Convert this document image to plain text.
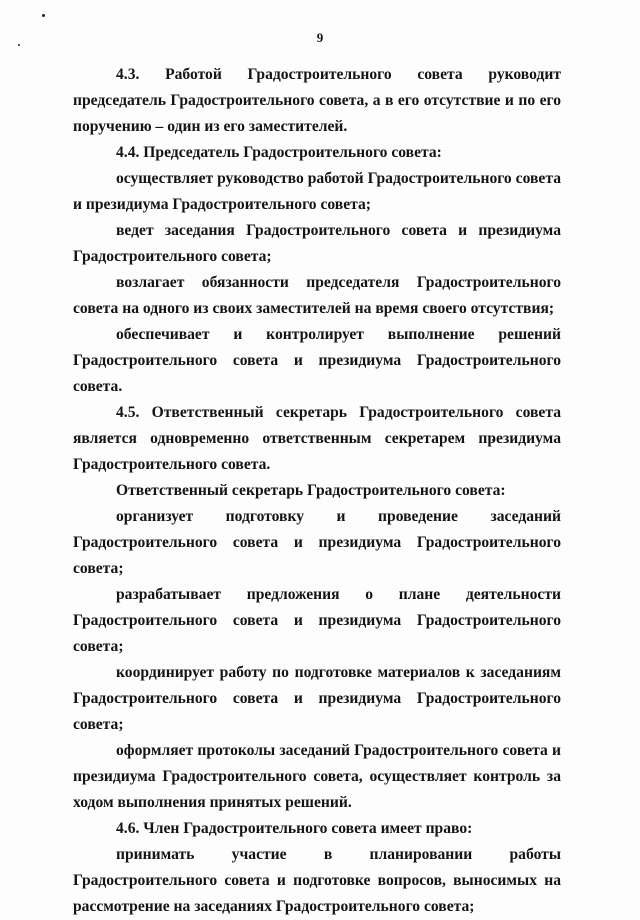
9

4.3. Работой Градостроительного совета руководит председатель Градостроительного совета, а в его отсутствие и по его поручению – один из его заместителей.

4.4. Председатель Градостроительного совета:

осуществляет руководство работой Градостроительного совета и президиума Градостроительного совета;

ведет заседания Градостроительного совета и президиума Градостроительного совета;

возлагает обязанности председателя Градостроительного совета на одного из своих заместителей на время своего отсутствия;

обеспечивает и контролирует выполнение решений Градостроительного совета и президиума Градостроительного совета.

4.5. Ответственный секретарь Градостроительного совета является одновременно ответственным секретарем президиума Градостроительного совета.

Ответственный секретарь Градостроительного совета:

организует подготовку и проведение заседаний Градостроительного совета и президиума Градостроительного совета;

разрабатывает предложения о плане деятельности Градостроительного совета и президиума Градостроительного совета;

координирует работу по подготовке материалов к заседаниям Градостроительного совета и президиума Градостроительного совета;

оформляет протоколы заседаний Градостроительного совета и президиума Градостроительного совета, осуществляет контроль за ходом выполнения принятых решений.

4.6. Член Градостроительного совета имеет право:

принимать участие в планировании работы Градостроительного совета и подготовке вопросов, выносимых на рассмотрение на заседаниях Градостроительного совета;
